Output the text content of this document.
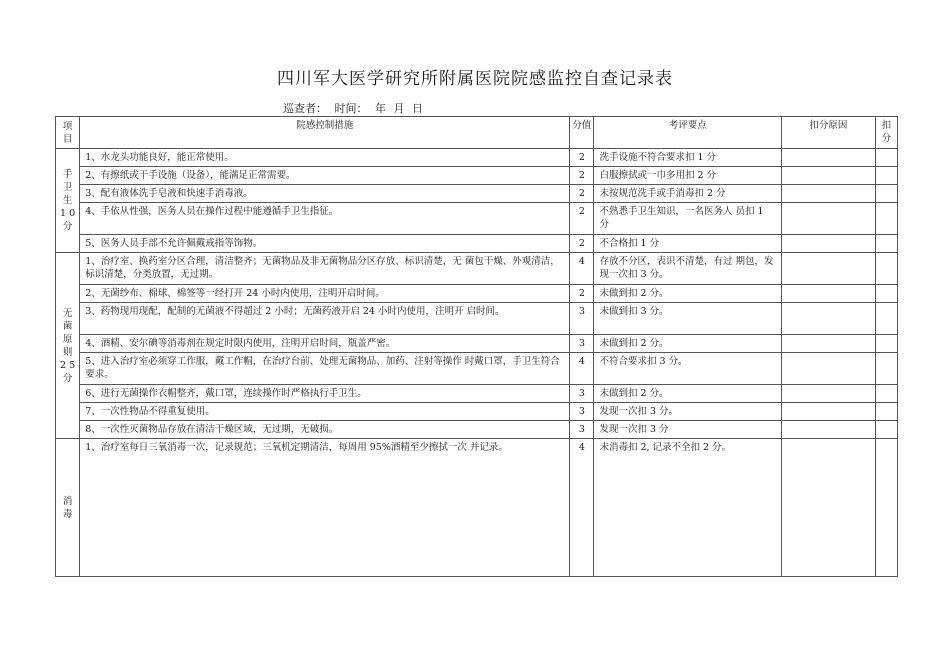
四川军大医学研究所附属医院院感监控自查记录表
巡查者： 时间： 年 月 日
项目	院感控制措施	分值	考评要点	扣分原因	扣分
手卫生 1 0 分	1、水龙头功能良好，能正常使用。	2	洗手设施不符合要求扣 1 分		
	2、有擦纸或干手设施（设备），能满足正常需要。	2	白服擦拭或一巾多用扣 2 分		
	3、配有液体洗手皂液和快速手消毒液。	2	未按规范洗手或手消毒扣 2 分		
	4、手依从性强，医务人员在操作过程中能遵循手卫生指征。	2	不熟悉手卫生知识，一名医务人 员扣 1 分		
	5、医务人员手部不允许佩戴戒指等饰物。	2	不合格扣 1 分		
无菌原则 2 5 分	1、治疗室、换药室分区合理，清洁整齐；无菌物品及非无菌物品分区存放、标识清楚，无 菌包干燥、外观清洁，标识清楚，分类放置，无过期。	4	存放不分区，表识不清楚，有过 期包，发现一次扣 3 分。		
	2、无菌纱布、棉球、棉签等一经打开 24 小时内使用，注明开启时间。	2	未做到扣 2 分。		
	3、药物现用现配，配制的无菌液不得超过 2 小时；无菌药液开启 24 小时内使用，注明开 启时间。	3	未做到扣 3 分。		
	4、酒精、安尔碘等消毒剂在规定时限内使用，注明开启时间，瓶盖严密。	3	未做到扣 2 分。		
	5、进入治疗室必须穿工作服，戴工作帽，在治疗台前、处理无菌物品、加药、注射等操作 时戴口罩，手卫生符合要求。	4	不符合要求扣 3 分。		
	6、进行无菌操作衣帽整齐，戴口罩，连续操作时严格执行手卫生。	3	未做到扣 2 分。		
	7、一次性物品不得重复使用。	3	发现一次扣 3 分。		
	8、一次性灭菌物品存放在清洁干燥区域，无过期，无破损。	3	发现一次扣 3 分		
消毒	1、治疗室每日三氧消毒一次，记录规范；三氧机定期清洁，每周用 95%酒精至少擦拭一次 并记录。	4	未消毒扣 2, 记录不全扣 2 分。		
